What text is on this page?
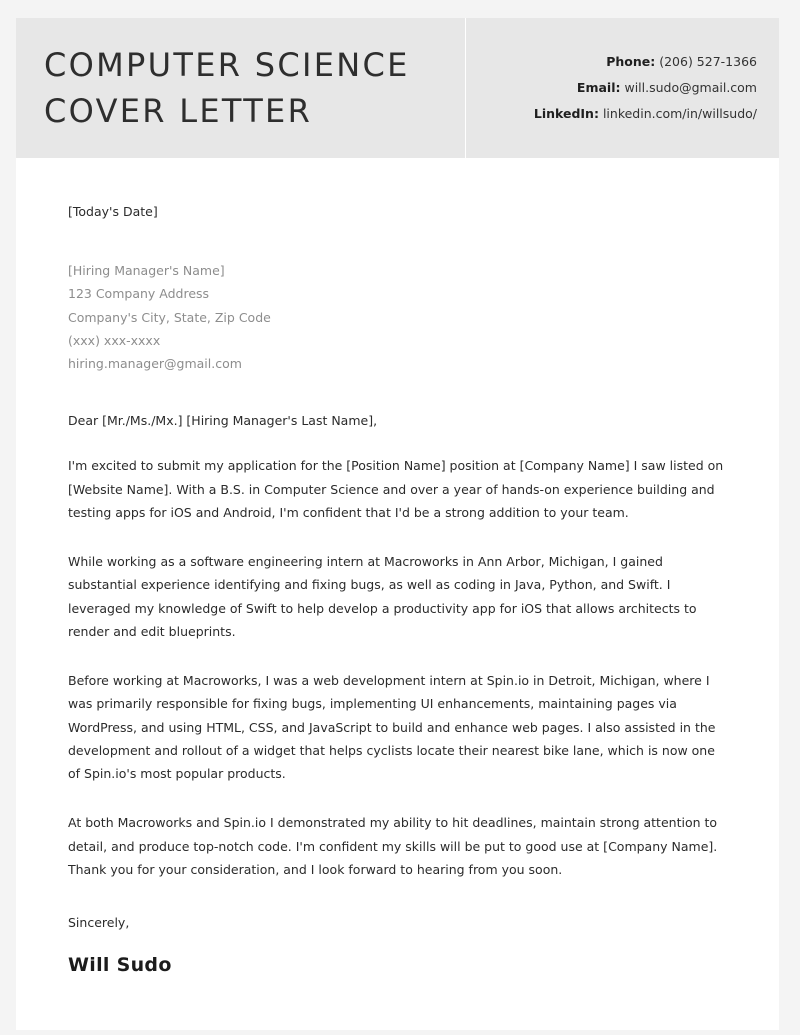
COMPUTER SCIENCE COVER LETTER
Phone: (206) 527-1366
Email: will.sudo@gmail.com
LinkedIn: linkedin.com/in/willsudo/
[Today's Date]
[Hiring Manager's Name]
123 Company Address
Company's City, State, Zip Code
(xxx) xxx-xxxx
hiring.manager@gmail.com
Dear [Mr./Ms./Mx.] [Hiring Manager's Last Name],
I'm excited to submit my application for the [Position Name] position at [Company Name] I saw listed on [Website Name]. With a B.S. in Computer Science and over a year of hands-on experience building and testing apps for iOS and Android, I'm confident that I'd be a strong addition to your team.
While working as a software engineering intern at Macroworks in Ann Arbor, Michigan, I gained substantial experience identifying and fixing bugs, as well as coding in Java, Python, and Swift. I leveraged my knowledge of Swift to help develop a productivity app for iOS that allows architects to render and edit blueprints.
Before working at Macroworks, I was a web development intern at Spin.io in Detroit, Michigan, where I was primarily responsible for fixing bugs, implementing UI enhancements, maintaining pages via WordPress, and using HTML, CSS, and JavaScript to build and enhance web pages. I also assisted in the development and rollout of a widget that helps cyclists locate their nearest bike lane, which is now one of Spin.io's most popular products.
At both Macroworks and Spin.io I demonstrated my ability to hit deadlines, maintain strong attention to detail, and produce top-notch code. I'm confident my skills will be put to good use at [Company Name]. Thank you for your consideration, and I look forward to hearing from you soon.
Sincerely,
Will Sudo
